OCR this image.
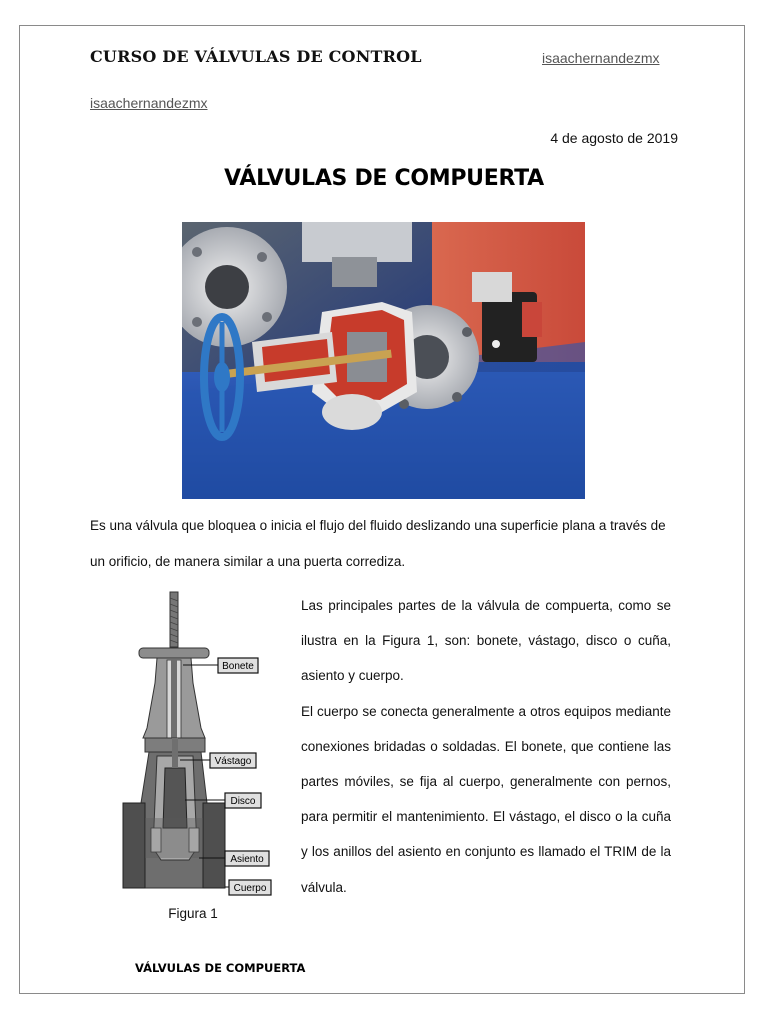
CURSO DE VÁLVULAS DE CONTROL	isaachernandezmx
isaachernandezmx
4 de agosto de 2019
VÁLVULAS DE COMPUERTA
Es una válvula que bloquea o inicia el flujo del fluido deslizando una superficie plana a través de un orificio, de manera similar a una puerta corrediza.
Bonete
Vástago
Disco
Asiento
Cuerpo
Figura 1

Las principales partes de la válvula de compuerta, como se ilustra en la Figura 1, son: bonete, vástago, disco o cuña, asiento y cuerpo.

El cuerpo se conecta generalmente a otros equipos mediante conexiones bridadas o soldadas. El bonete, que contiene las partes móviles, se fija al cuerpo, generalmente con pernos, para permitir el mantenimiento. El vástago, el disco o la cuña y los anillos del asiento en conjunto es llamado el TRIM de la válvula.

VÁLVULAS DE COMPUERTA
